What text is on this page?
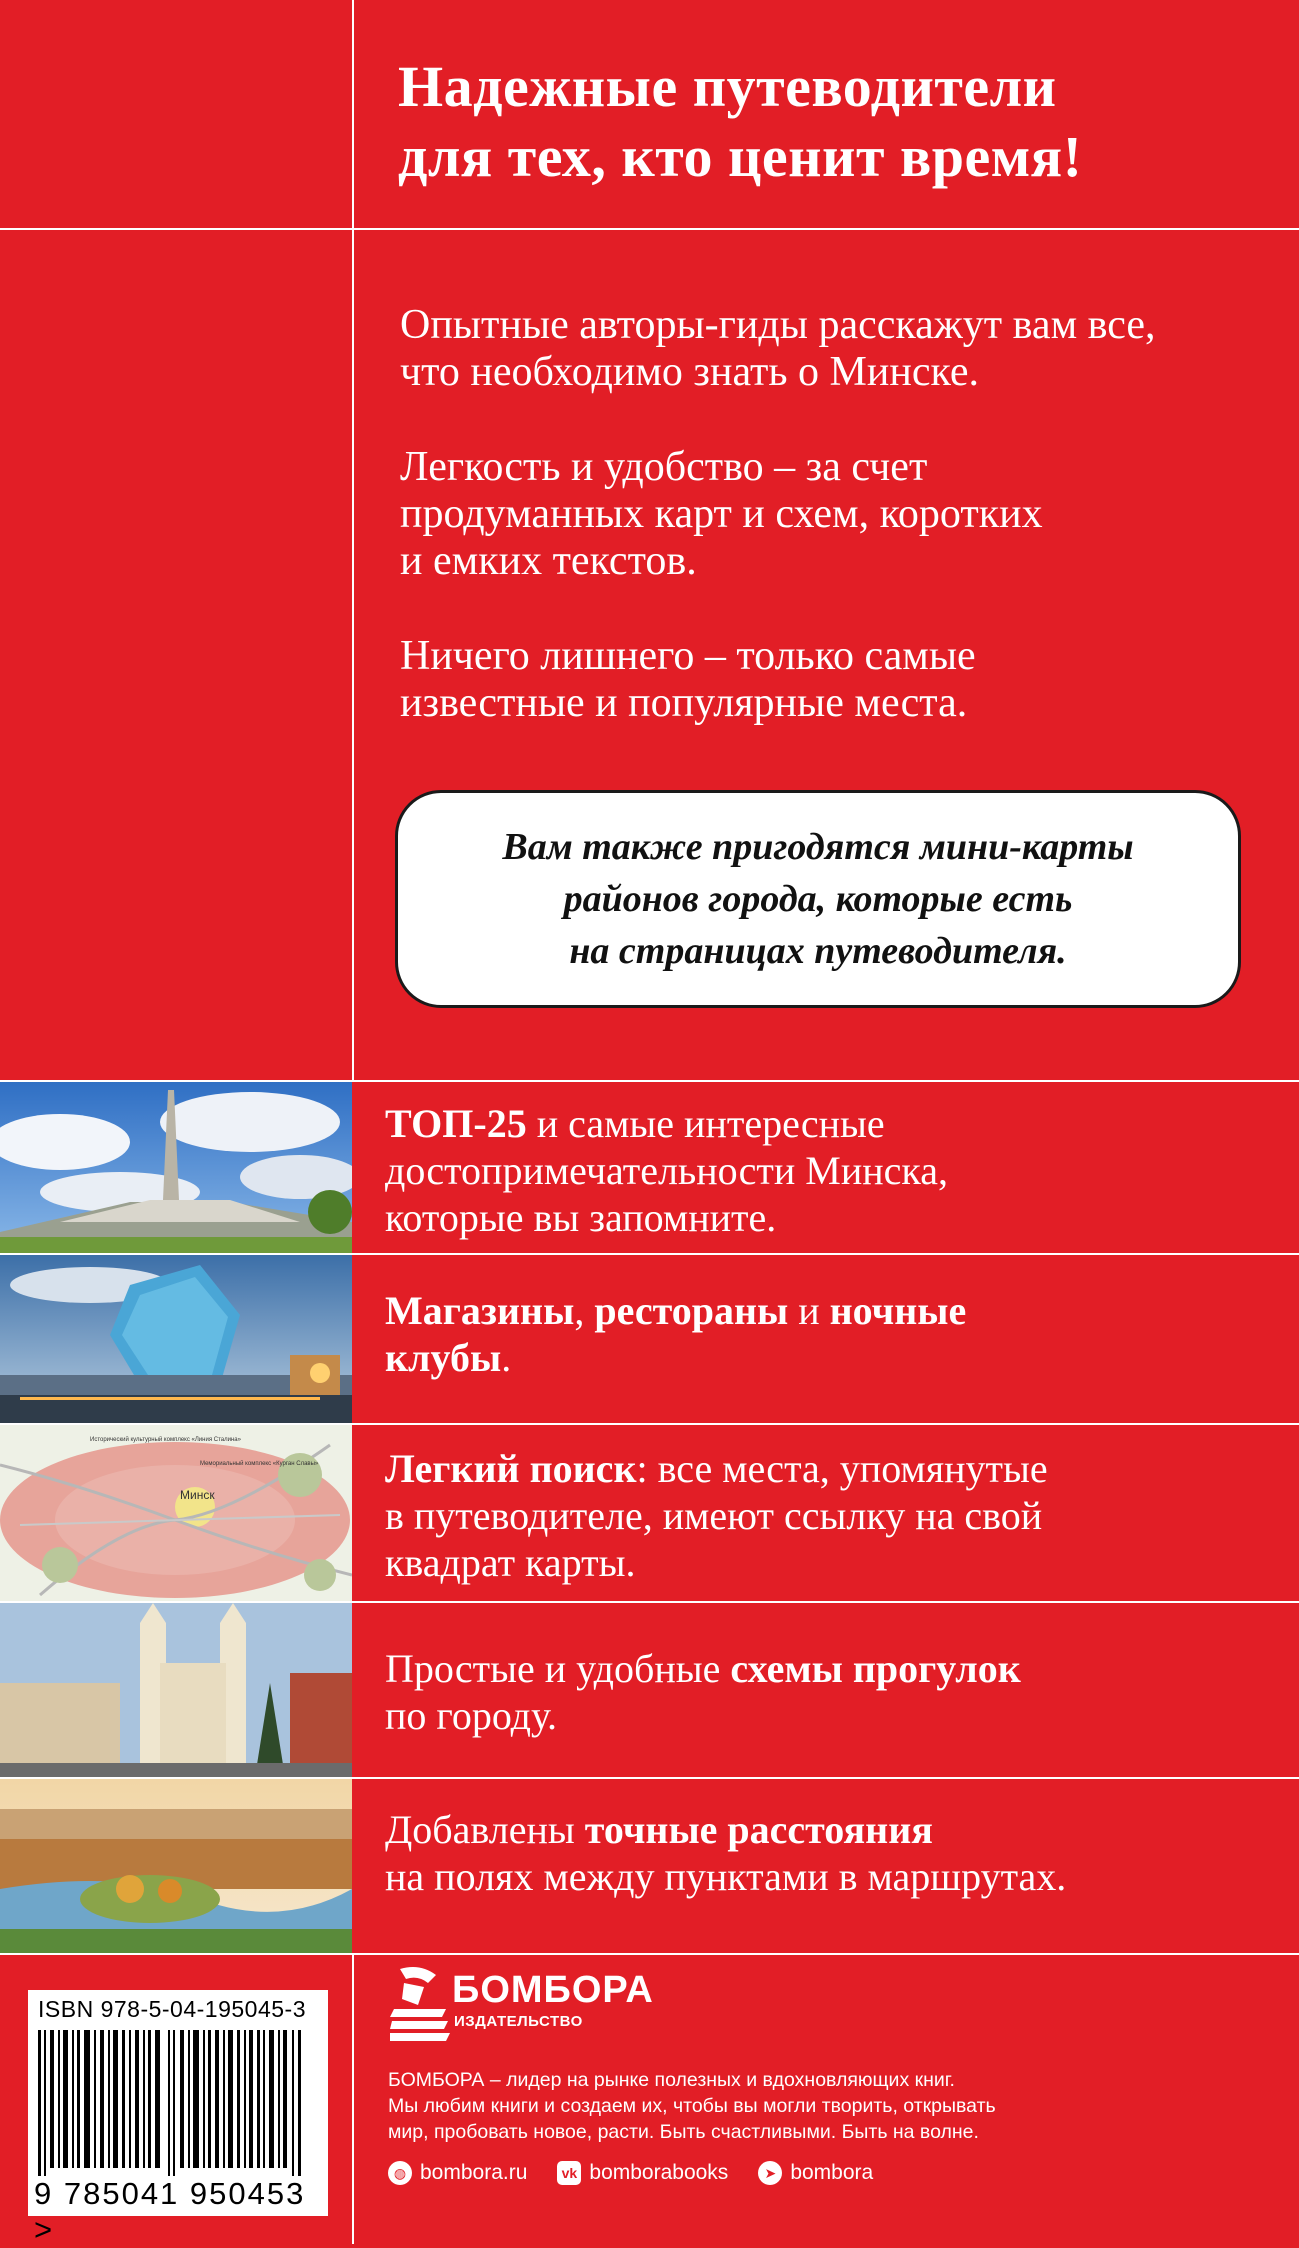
Надежные путеводители
для тех, кто ценит время!
Опытные авторы-гиды расскажут вам все,
что необходимо знать о Минске.
Легкость и удобство – за счет
продуманных карт и схем, коротких
и емких текстов.
Ничего лишнего – только самые
известные и популярные места.
Вам также пригодятся мини-карты
районов города, которые есть
на страницах путеводителя.
ТОП-25 и самые интересные
достопримечательности Минска,
которые вы запомните.
Магазины, рестораны и ночные
клубы.
Минск
Исторический культурный комплекс «Линия Сталина»
Мемориальный комплекс «Курган Славы» Легкий поиск: все места, упомянутые
в путеводителе, имеют ссылку на свой
квадрат карты.
Простые и удобные схемы прогулок
по городу.
Добавлены точные расстояния
на полях между пунктами в маршрутах.
ISBN 978-5-04-195045-3
9 785041 950453 >
БОМБОРА
ИЗДАТЕЛЬСТВО
БОМБОРА – лидер на рынке полезных и вдохновляющих книг.
Мы любим книги и создаем их, чтобы вы могли творить, открывать
мир, пробовать новое, расти. Быть счастливыми. Быть на волне.
◍ bombora.ru	vk bomborabooks	➤ bombora
